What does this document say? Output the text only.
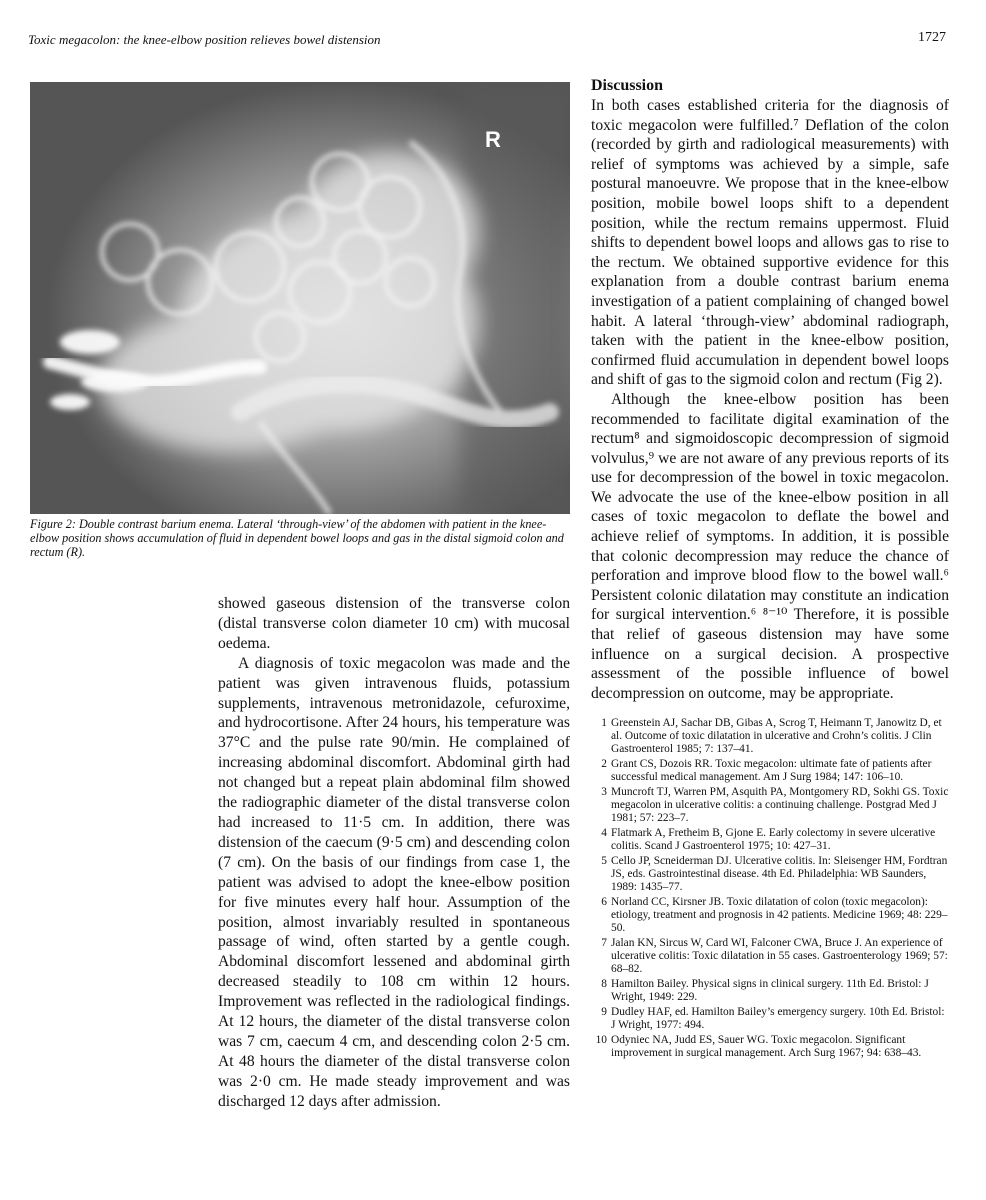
Toxic megacolon: the knee-elbow position relieves bowel distension	1727
R
Figure 2: Double contrast barium enema. Lateral ‘through-view’ of the abdomen with patient in the knee-elbow position shows accumulation of fluid in dependent bowel loops and gas in the distal sigmoid colon and rectum (R).

showed gaseous distension of the transverse colon (distal transverse colon diameter 10 cm) with mucosal oedema.

A diagnosis of toxic megacolon was made and the patient was given intravenous fluids, potassium supplements, intravenous metronidazole, cefuroxime, and hydrocortisone. After 24 hours, his temperature was 37°C and the pulse rate 90/min. He complained of increasing abdominal discomfort. Abdominal girth had not changed but a repeat plain abdominal film showed the radiographic diameter of the distal transverse colon had increased to 11·5 cm. In addition, there was distension of the caecum (9·5 cm) and descending colon (7 cm). On the basis of our findings from case 1, the patient was advised to adopt the knee-elbow position for five minutes every half hour. Assumption of the position, almost invariably resulted in spontaneous passage of wind, often started by a gentle cough. Abdominal discomfort lessened and abdominal girth decreased steadily to 108 cm within 12 hours. Improvement was reflected in the radiological findings. At 12 hours, the diameter of the distal transverse colon was 7 cm, caecum 4 cm, and descending colon 2·5 cm. At 48 hours the diameter of the distal transverse colon was 2·0 cm. He made steady improvement and was discharged 12 days after admission.

Discussion

In both cases established criteria for the diagnosis of toxic megacolon were fulfilled.⁷ Deflation of the colon (recorded by girth and radiological measurements) with relief of symptoms was achieved by a simple, safe postural manoeuvre. We propose that in the knee-elbow position, mobile bowel loops shift to a dependent position, while the rectum remains uppermost. Fluid shifts to dependent bowel loops and allows gas to rise to the rectum. We obtained supportive evidence for this explanation from a double contrast barium enema investigation of a patient complaining of changed bowel habit. A lateral ‘through-view’ abdominal radiograph, taken with the patient in the knee-elbow position, confirmed fluid accumulation in dependent bowel loops and shift of gas to the sigmoid colon and rectum (Fig 2).

Although the knee-elbow position has been recommended to facilitate digital examination of the rectum⁸ and sigmoidoscopic decompression of sigmoid volvulus,⁹ we are not aware of any previous reports of its use for decompression of the bowel in toxic megacolon. We advocate the use of the knee-elbow position in all cases of toxic megacolon to deflate the bowel and achieve relief of symptoms. In addition, it is possible that colonic decompression may reduce the chance of perforation and improve blood flow to the bowel wall.⁶ Persistent colonic dilatation may constitute an indication for surgical intervention.⁶ ⁸⁻¹⁰ Therefore, it is possible that relief of gaseous distension may have some influence on a surgical decision. A prospective assessment of the possible influence of bowel decompression on outcome, may be appropriate.

1 Greenstein AJ, Sachar DB, Gibas A, Scrog T, Heimann T, Janowitz D, et al. Outcome of toxic dilatation in ulcerative and Crohn’s colitis. J Clin Gastroenterol 1985; 7: 137–41.
2 Grant CS, Dozois RR. Toxic megacolon: ultimate fate of patients after successful medical management. Am J Surg 1984; 147: 106–10.
3 Muncroft TJ, Warren PM, Asquith PA, Montgomery RD, Sokhi GS. Toxic megacolon in ulcerative colitis: a continuing challenge. Postgrad Med J 1981; 57: 223–7.
4 Flatmark A, Fretheim B, Gjone E. Early colectomy in severe ulcerative colitis. Scand J Gastroenterol 1975; 10: 427–31.
5 Cello JP, Scneiderman DJ. Ulcerative colitis. In: Sleisenger HM, Fordtran JS, eds. Gastrointestinal disease. 4th Ed. Philadelphia: WB Saunders, 1989: 1435–77.
6 Norland CC, Kirsner JB. Toxic dilatation of colon (toxic megacolon): etiology, treatment and prognosis in 42 patients. Medicine 1969; 48: 229–50.
7 Jalan KN, Sircus W, Card WI, Falconer CWA, Bruce J. An experience of ulcerative colitis: Toxic dilatation in 55 cases. Gastroenterology 1969; 57: 68–82.
8 Hamilton Bailey. Physical signs in clinical surgery. 11th Ed. Bristol: J Wright, 1949: 229.
9 Dudley HAF, ed. Hamilton Bailey’s emergency surgery. 10th Ed. Bristol: J Wright, 1977: 494.
10 Odyniec NA, Judd ES, Sauer WG. Toxic megacolon. Significant improvement in surgical management. Arch Surg 1967; 94: 638–43.
